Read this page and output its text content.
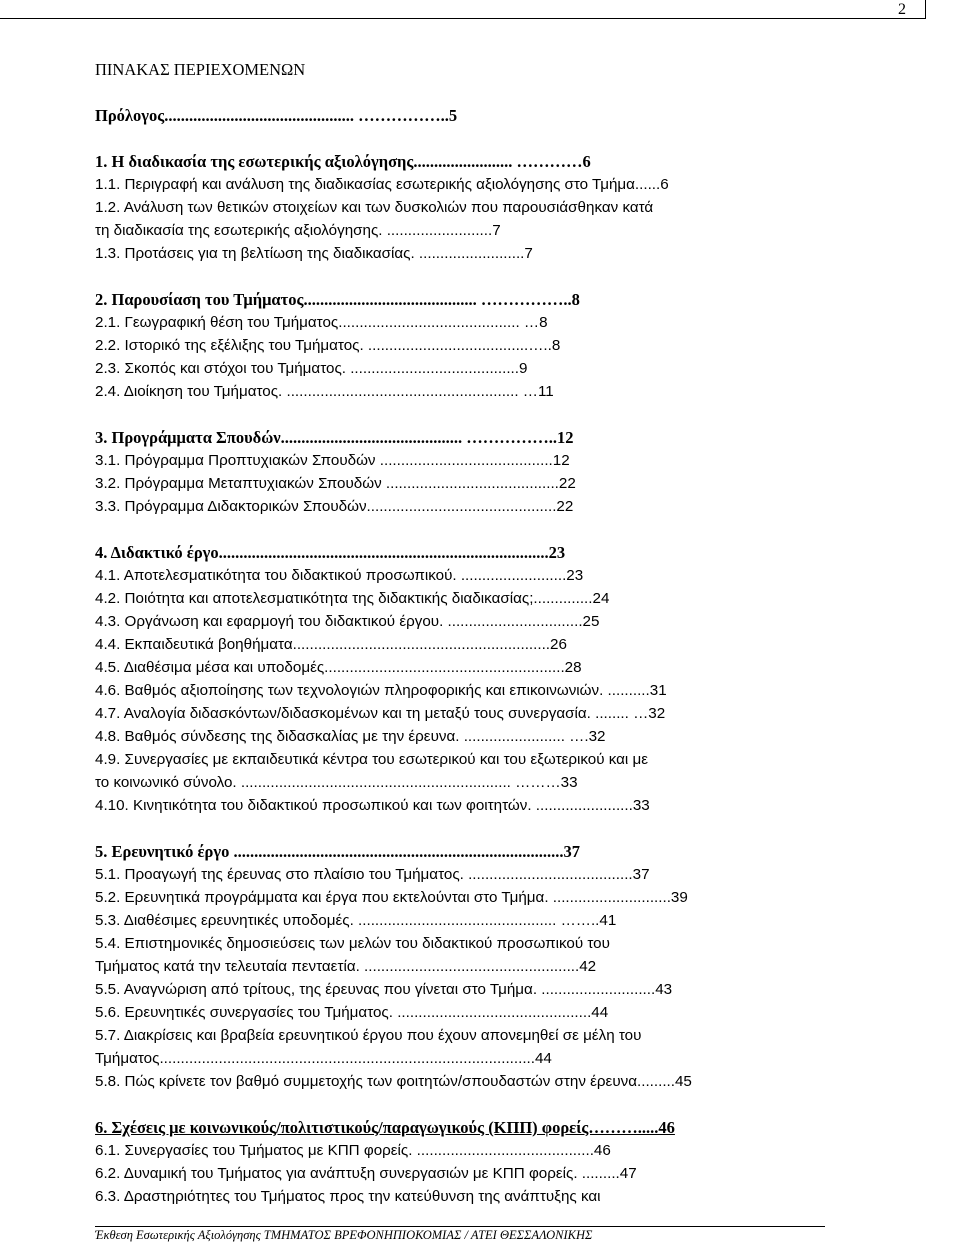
2
ΠΙΝΑΚΑΣ ΠΕΡΙΕΧΟΜΕΝΩΝ
Πρόλογος.............................................. ……………..5
1. Η διαδικασία της εσωτερικής αξιολόγησης........................ …………6
1.1. Περιγραφή και ανάλυση της διαδικασίας εσωτερικής αξιολόγησης στο Τμήμα......6
1.2. Ανάλυση των θετικών στοιχείων και των δυσκολιών που παρουσιάσθηκαν κατά
τη διαδικασία της εσωτερικής αξιολόγησης. .........................7
1.3. Προτάσεις για τη βελτίωση της διαδικασίας. .........................7
2. Παρουσίαση του Τμήματος.......................................... ……………..8
2.1. Γεωγραφική θέση του Τμήματος........................................... …8
2.2. Ιστορικό της εξέλιξης του Τμήματος. ......................................…..8
2.3. Σκοπός και στόχοι του Τμήματος. ........................................9
2.4. Διοίκηση του Τμήματος. ....................................................... …11
3. Προγράμματα Σπουδών............................................ ……………..12
3.1. Πρόγραμμα Προπτυχιακών Σπουδών .........................................12
3.2. Πρόγραμμα Μεταπτυχιακών Σπουδών .........................................22
3.3. Πρόγραμμα Διδακτορικών Σπουδών.............................................22
4. Διδακτικό έργο................................................................................23
4.1. Αποτελεσματικότητα του διδακτικού προσωπικού. .........................23
4.2. Ποιότητα και αποτελεσματικότητα της διδακτικής διαδικασίας;..............24
4.3. Οργάνωση και εφαρμογή του διδακτικού έργου. ................................25
4.4. Εκπαιδευτικά βοηθήματα.............................................................26
4.5. Διαθέσιμα μέσα και υποδομές.........................................................28
4.6. Βαθμός αξιοποίησης των τεχνολογιών πληροφορικής και επικοινωνιών. ..........31
4.7. Αναλογία διδασκόντων/διδασκομένων και τη μεταξύ τους συνεργασία. ........ …32
4.8. Βαθμός σύνδεσης της διδασκαλίας με την έρευνα. ........................ ….32
4.9. Συνεργασίες με εκπαιδευτικά κέντρα του εσωτερικού και του εξωτερικού και με
το κοινωνικό σύνολο. ................................................................ ………33
4.10. Κινητικότητα του διδακτικού προσωπικού και των φοιτητών. .......................33
5. Ερευνητικό έργο ................................................................................37
5.1. Προαγωγή της έρευνας στο πλαίσιο του Τμήματος. .......................................37
5.2. Ερευνητικά προγράμματα και έργα που εκτελούνται στο Τμήμα. ............................39
5.3. Διαθέσιμες ερευνητικές υποδομές. ............................................... ……..41
5.4. Επιστημονικές δημοσιεύσεις των μελών του διδακτικού προσωπικού του
Τμήματος κατά την τελευταία πενταετία. ...................................................42
5.5. Αναγνώριση από τρίτους, της έρευνας που γίνεται στο Τμήμα. ...........................43
5.6. Ερευνητικές συνεργασίες του Τμήματος. ..............................................44
5.7. Διακρίσεις και βραβεία ερευνητικού έργου που έχουν απονεμηθεί σε μέλη του
Τμήματος.........................................................................................44
5.8. Πώς κρίνετε τον βαθμό συμμετοχής των φοιτητών/σπουδαστών στην έρευνα.........45
6. Σχέσεις με κοινωνικούς/πολιτιστικούς/παραγωγικούς (ΚΠΠ) φορείς……….....46
6.1. Συνεργασίες του Τμήματος με ΚΠΠ φορείς. ..........................................46
6.2. Δυναμική του Τμήματος για ανάπτυξη συνεργασιών με ΚΠΠ φορείς. .........47
6.3. Δραστηριότητες του Τμήματος προς την κατεύθυνση της ανάπτυξης και
Έκθεση Εσωτερικής Αξιολόγησης ΤΜΗΜΑΤΟΣ ΒΡΕΦΟΝΗΠΙΟΚΟΜΙΑΣ / ΑΤΕΙ ΘΕΣΣΑΛΟΝΙΚΗΣ
